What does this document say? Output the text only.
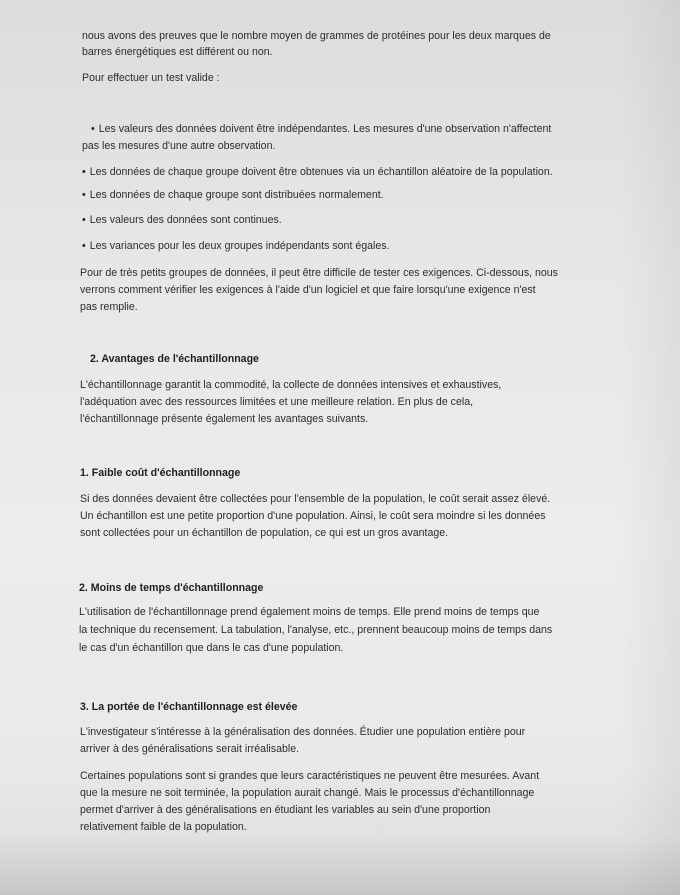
nous avons des preuves que le nombre moyen de grammes de protéines pour les deux marques de

barres énergétiques est différent ou non.

Pour effectuer un test valide :

• Les valeurs des données doivent être indépendantes. Les mesures d'une observation n'affectent

pas les mesures d'une autre observation.

• Les données de chaque groupe doivent être obtenues via un échantillon aléatoire de la population.

• Les données de chaque groupe sont distribuées normalement.

• Les valeurs des données sont continues.

• Les variances pour les deux groupes indépendants sont égales.

Pour de très petits groupes de données, il peut être difficile de tester ces exigences. Ci-dessous, nous

verrons comment vérifier les exigences à l'aide d'un logiciel et que faire lorsqu'une exigence n'est

pas remplie.

2. Avantages de l'échantillonnage

L'échantillonnage garantit la commodité, la collecte de données intensives et exhaustives,

l'adéquation avec des ressources limitées et une meilleure relation. En plus de cela,

l'échantillonnage présente également les avantages suivants.

1. Faible coût d'échantillonnage

Si des données devaient être collectées pour l'ensemble de la population, le coût serait assez élevé.

Un échantillon est une petite proportion d'une population. Ainsi, le coût sera moindre si les données

sont collectées pour un échantillon de population, ce qui est un gros avantage.

2. Moins de temps d'échantillonnage

L'utilisation de l'échantillonnage prend également moins de temps. Elle prend moins de temps que

la technique du recensement. La tabulation, l'analyse, etc., prennent beaucoup moins de temps dans

le cas d'un échantillon que dans le cas d'une population.

3. La portée de l'échantillonnage est élevée

L'investigateur s'intéresse à la généralisation des données. Étudier une population entière pour

arriver à des généralisations serait irréalisable.

Certaines populations sont si grandes que leurs caractéristiques ne peuvent être mesurées. Avant

que la mesure ne soit terminée, la population aurait changé. Mais le processus d'échantillonnage

permet d'arriver à des généralisations en étudiant les variables au sein d'une proportion

relativement faible de la population.
